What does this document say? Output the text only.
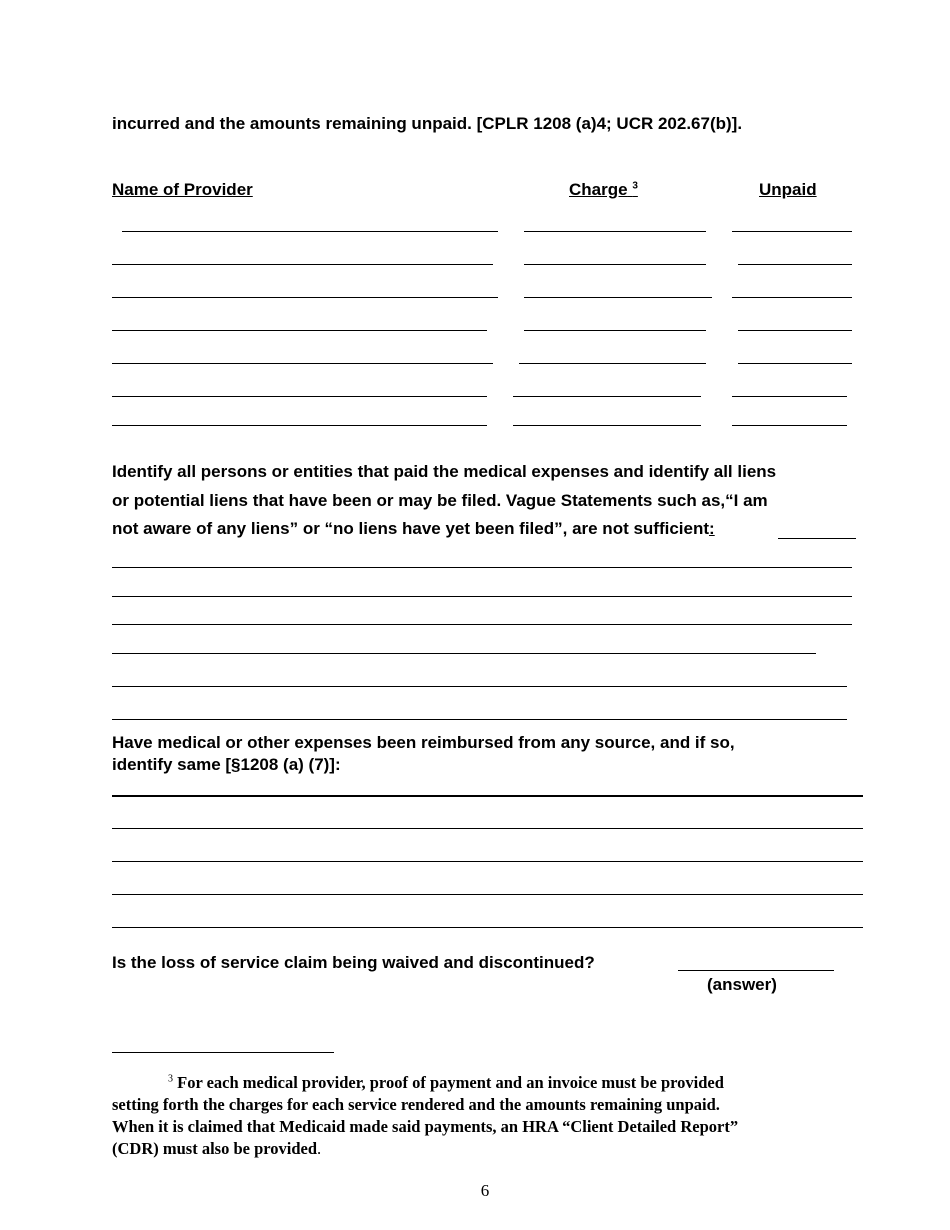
incurred and the amounts remaining unpaid. [CPLR 1208 (a)4; UCR 202.67(b)].
Name of Provider	Charge $^3$	Unpaid
Identify all persons or entities that paid the medical expenses and identify all liens
or potential liens that have been or may be filed. Vague Statements such as,“I am
not aware of any liens” or “no liens have yet been filed”, are not sufficient:
Have medical or other expenses been reimbursed from any source, and if so,
identify same [§1208 (a) (7)]:
Is the loss of service claim being waived and discontinued?
(answer)
$^3$ For each medical provider, proof of payment and an invoice must be provided
setting forth the charges for each service rendered and the amounts remaining unpaid.
When it is claimed that Medicaid made said payments, an HRA “Client Detailed Report”
(CDR) must also be provided.
6
